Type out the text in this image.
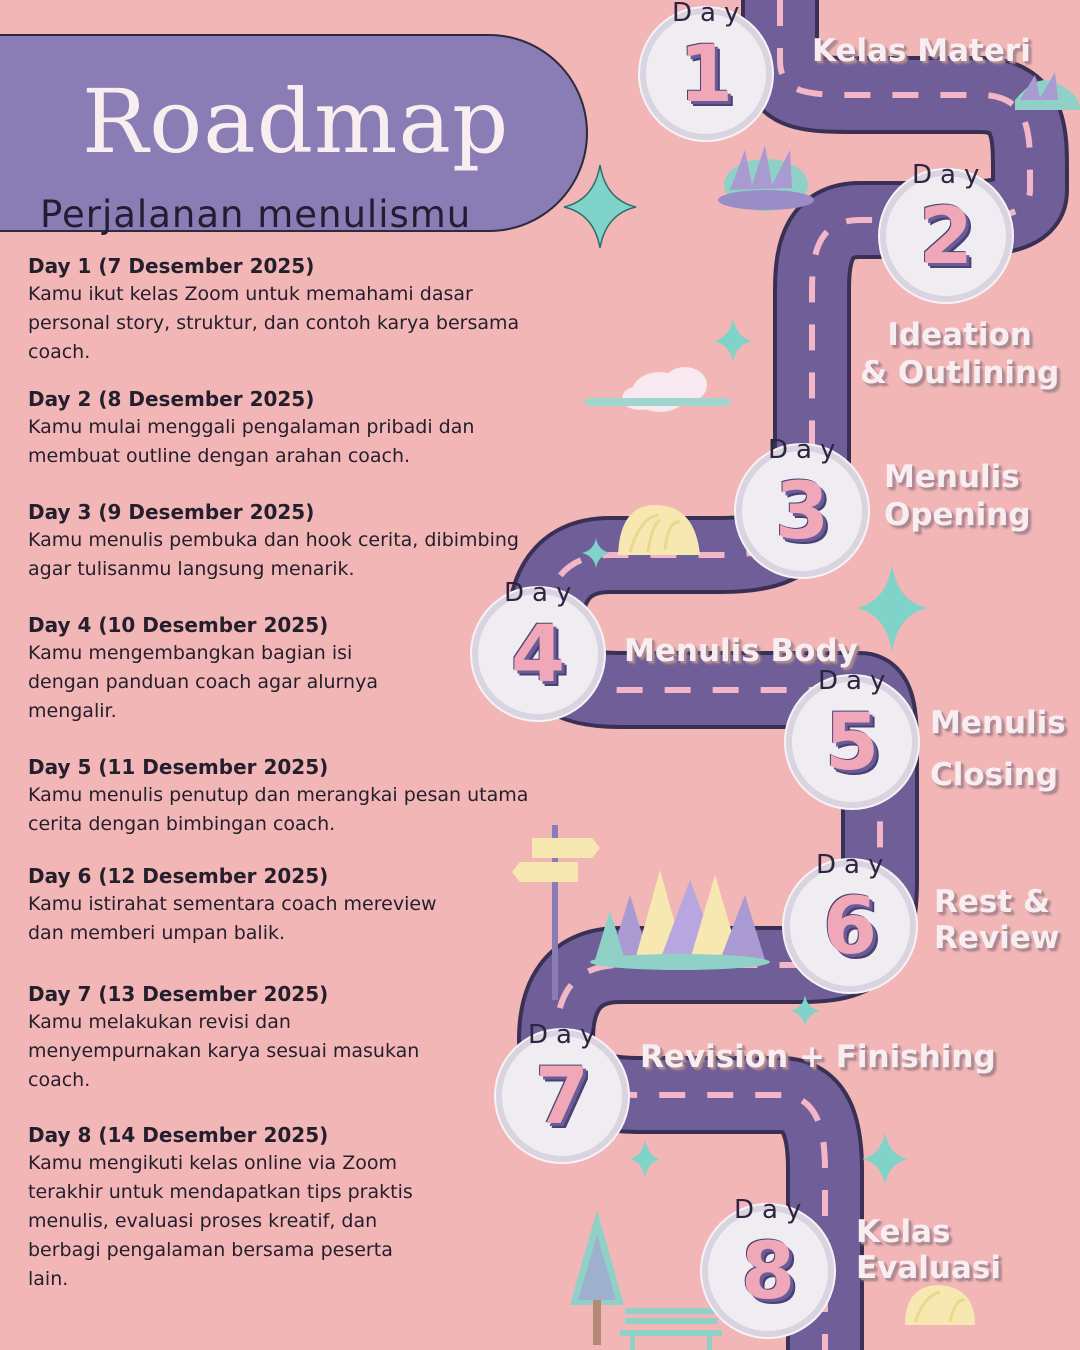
Roadmap
Perjalanan menulismu
Day 1 (7 Desember 2025)
Kamu ikut kelas Zoom untuk memahami dasar
personal story, struktur, dan contoh karya bersama
coach.
Day 2 (8 Desember 2025)
Kamu mulai menggali pengalaman pribadi dan
membuat outline dengan arahan coach.
Day 3 (9 Desember 2025)
Kamu menulis pembuka dan hook cerita, dibimbing
agar tulisanmu langsung menarik.
Day 4 (10 Desember 2025)
Kamu mengembangkan bagian isi
dengan panduan coach agar alurnya
mengalir.
Day 5 (11 Desember 2025)
Kamu menulis penutup dan merangkai pesan utama
cerita dengan bimbingan coach.
Day 6 (12 Desember 2025)
Kamu istirahat sementara coach mereview
dan memberi umpan balik.
Day 7 (13 Desember 2025)
Kamu melakukan revisi dan
menyempurnakan karya sesuai masukan
coach.
Day 8 (14 Desember 2025)
Kamu mengikuti kelas online via Zoom
terakhir untuk mendapatkan tips praktis
menulis, evaluasi proses kreatif, dan
berbagi pengalaman bersama peserta
lain.
Day
1
Day
2
Day
3
Day
4	Day
5
Day
6
Day
7
Day
8
Kelas Materi
Ideation
& Outlining
Menulis
Opening
Menulis Body
Menulis
Closing
Rest &
Review
Revision + Finishing
Kelas
Evaluasi
